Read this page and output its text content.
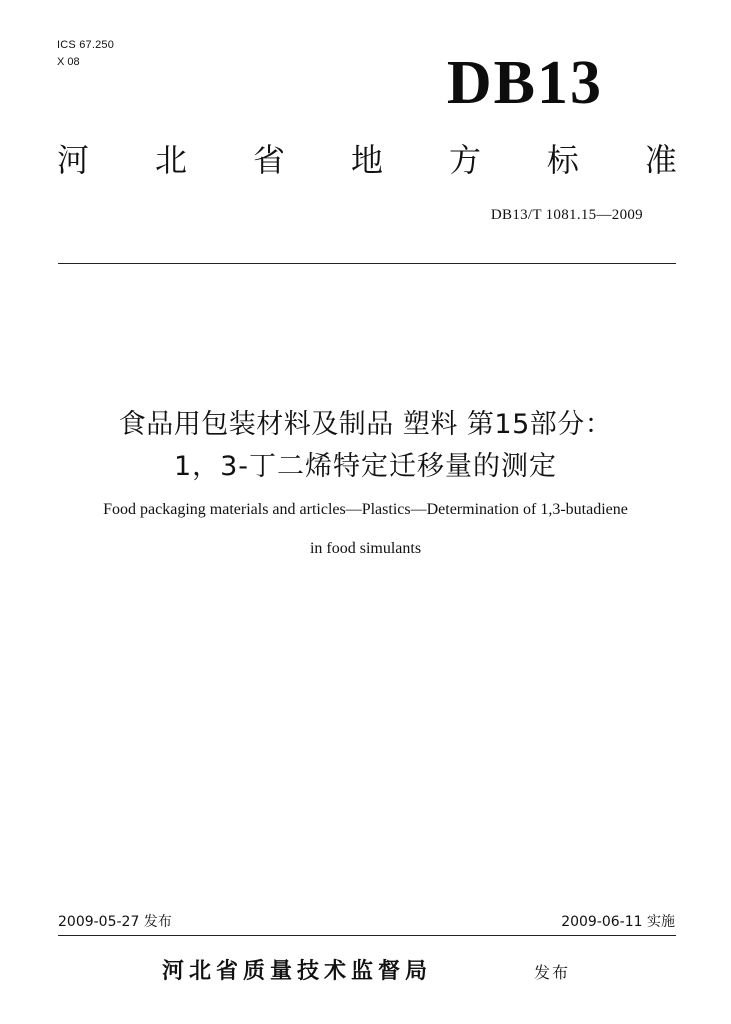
ICS 67.250
X 08	DB13
河 北 省 地 方 标 准
DB13/T 1081.15—2009
食品用包装材料及制品 塑料 第15部分：
1，3-丁二烯特定迁移量的测定
Food packaging materials and articles—Plastics—Determination of 1,3-butadiene
in food simulants
2009-05-27 发布	2009-06-11 实施
河北省质量技术监督局	发布
